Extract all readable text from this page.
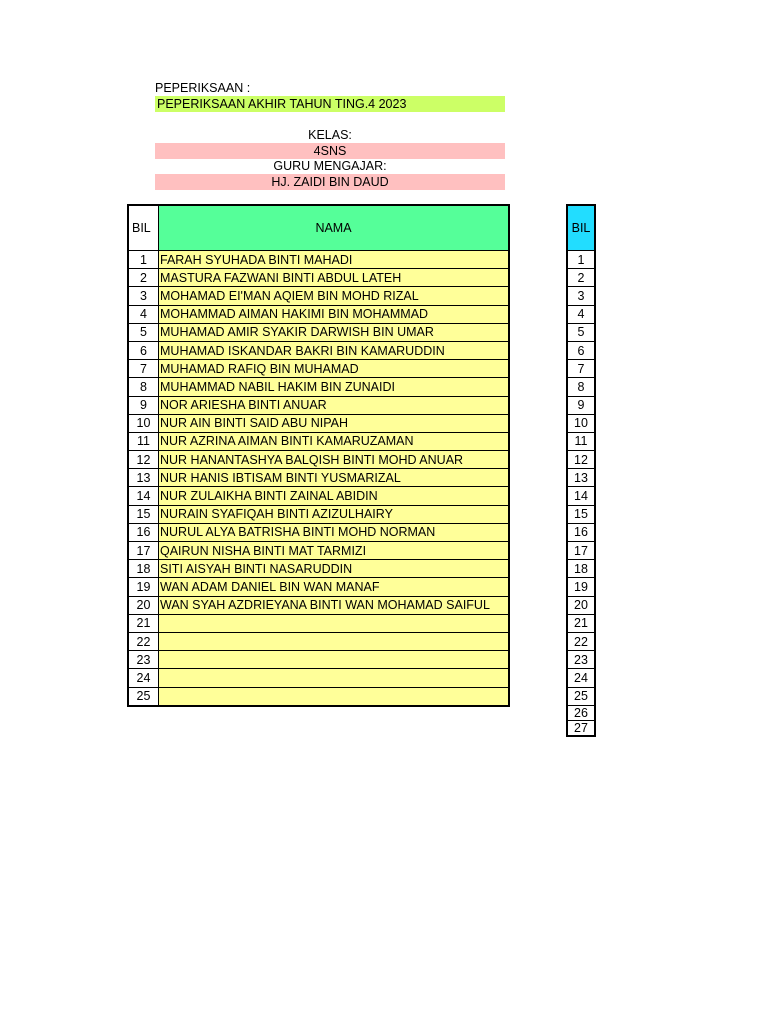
PEPERIKSAAN :
PEPERIKSAAN AKHIR TAHUN TING.4 2023
KELAS:
4SNS
GURU MENGAJAR:
HJ. ZAIDI BIN DAUD
BIL	NAMA
1	FARAH SYUHADA BINTI MAHADI
2	MASTURA FAZWANI BINTI ABDUL LATEH
3	MOHAMAD EI'MAN AQIEM BIN MOHD RIZAL
4	MOHAMMAD AIMAN HAKIMI BIN MOHAMMAD
5	MUHAMAD AMIR SYAKIR DARWISH BIN UMAR
6	MUHAMAD ISKANDAR BAKRI BIN KAMARUDDIN
7	MUHAMAD RAFIQ BIN MUHAMAD
8	MUHAMMAD NABIL HAKIM BIN ZUNAIDI
9	NOR ARIESHA BINTI ANUAR
10	NUR AIN BINTI SAID ABU NIPAH
11	NUR AZRINA AIMAN BINTI KAMARUZAMAN
12	NUR HANANTASHYA BALQISH BINTI MOHD ANUAR
13	NUR HANIS IBTISAM BINTI YUSMARIZAL
14	NUR ZULAIKHA BINTI ZAINAL ABIDIN
15	NURAIN SYAFIQAH BINTI AZIZULHAIRY
16	NURUL ALYA BATRISHA BINTI MOHD NORMAN
17	QAIRUN NISHA BINTI MAT TARMIZI
18	SITI AISYAH BINTI NASARUDDIN
19	WAN ADAM DANIEL BIN WAN MANAF
20	WAN SYAH AZDRIEYANA BINTI WAN MOHAMAD SAIFUL
21	
22	
23	
24	
25	
BIL
1
2
3
4
5
6
7
8
9
10
11
12
13
14
15
16
17
18
19
20
21
22
23
24
25
26
27
